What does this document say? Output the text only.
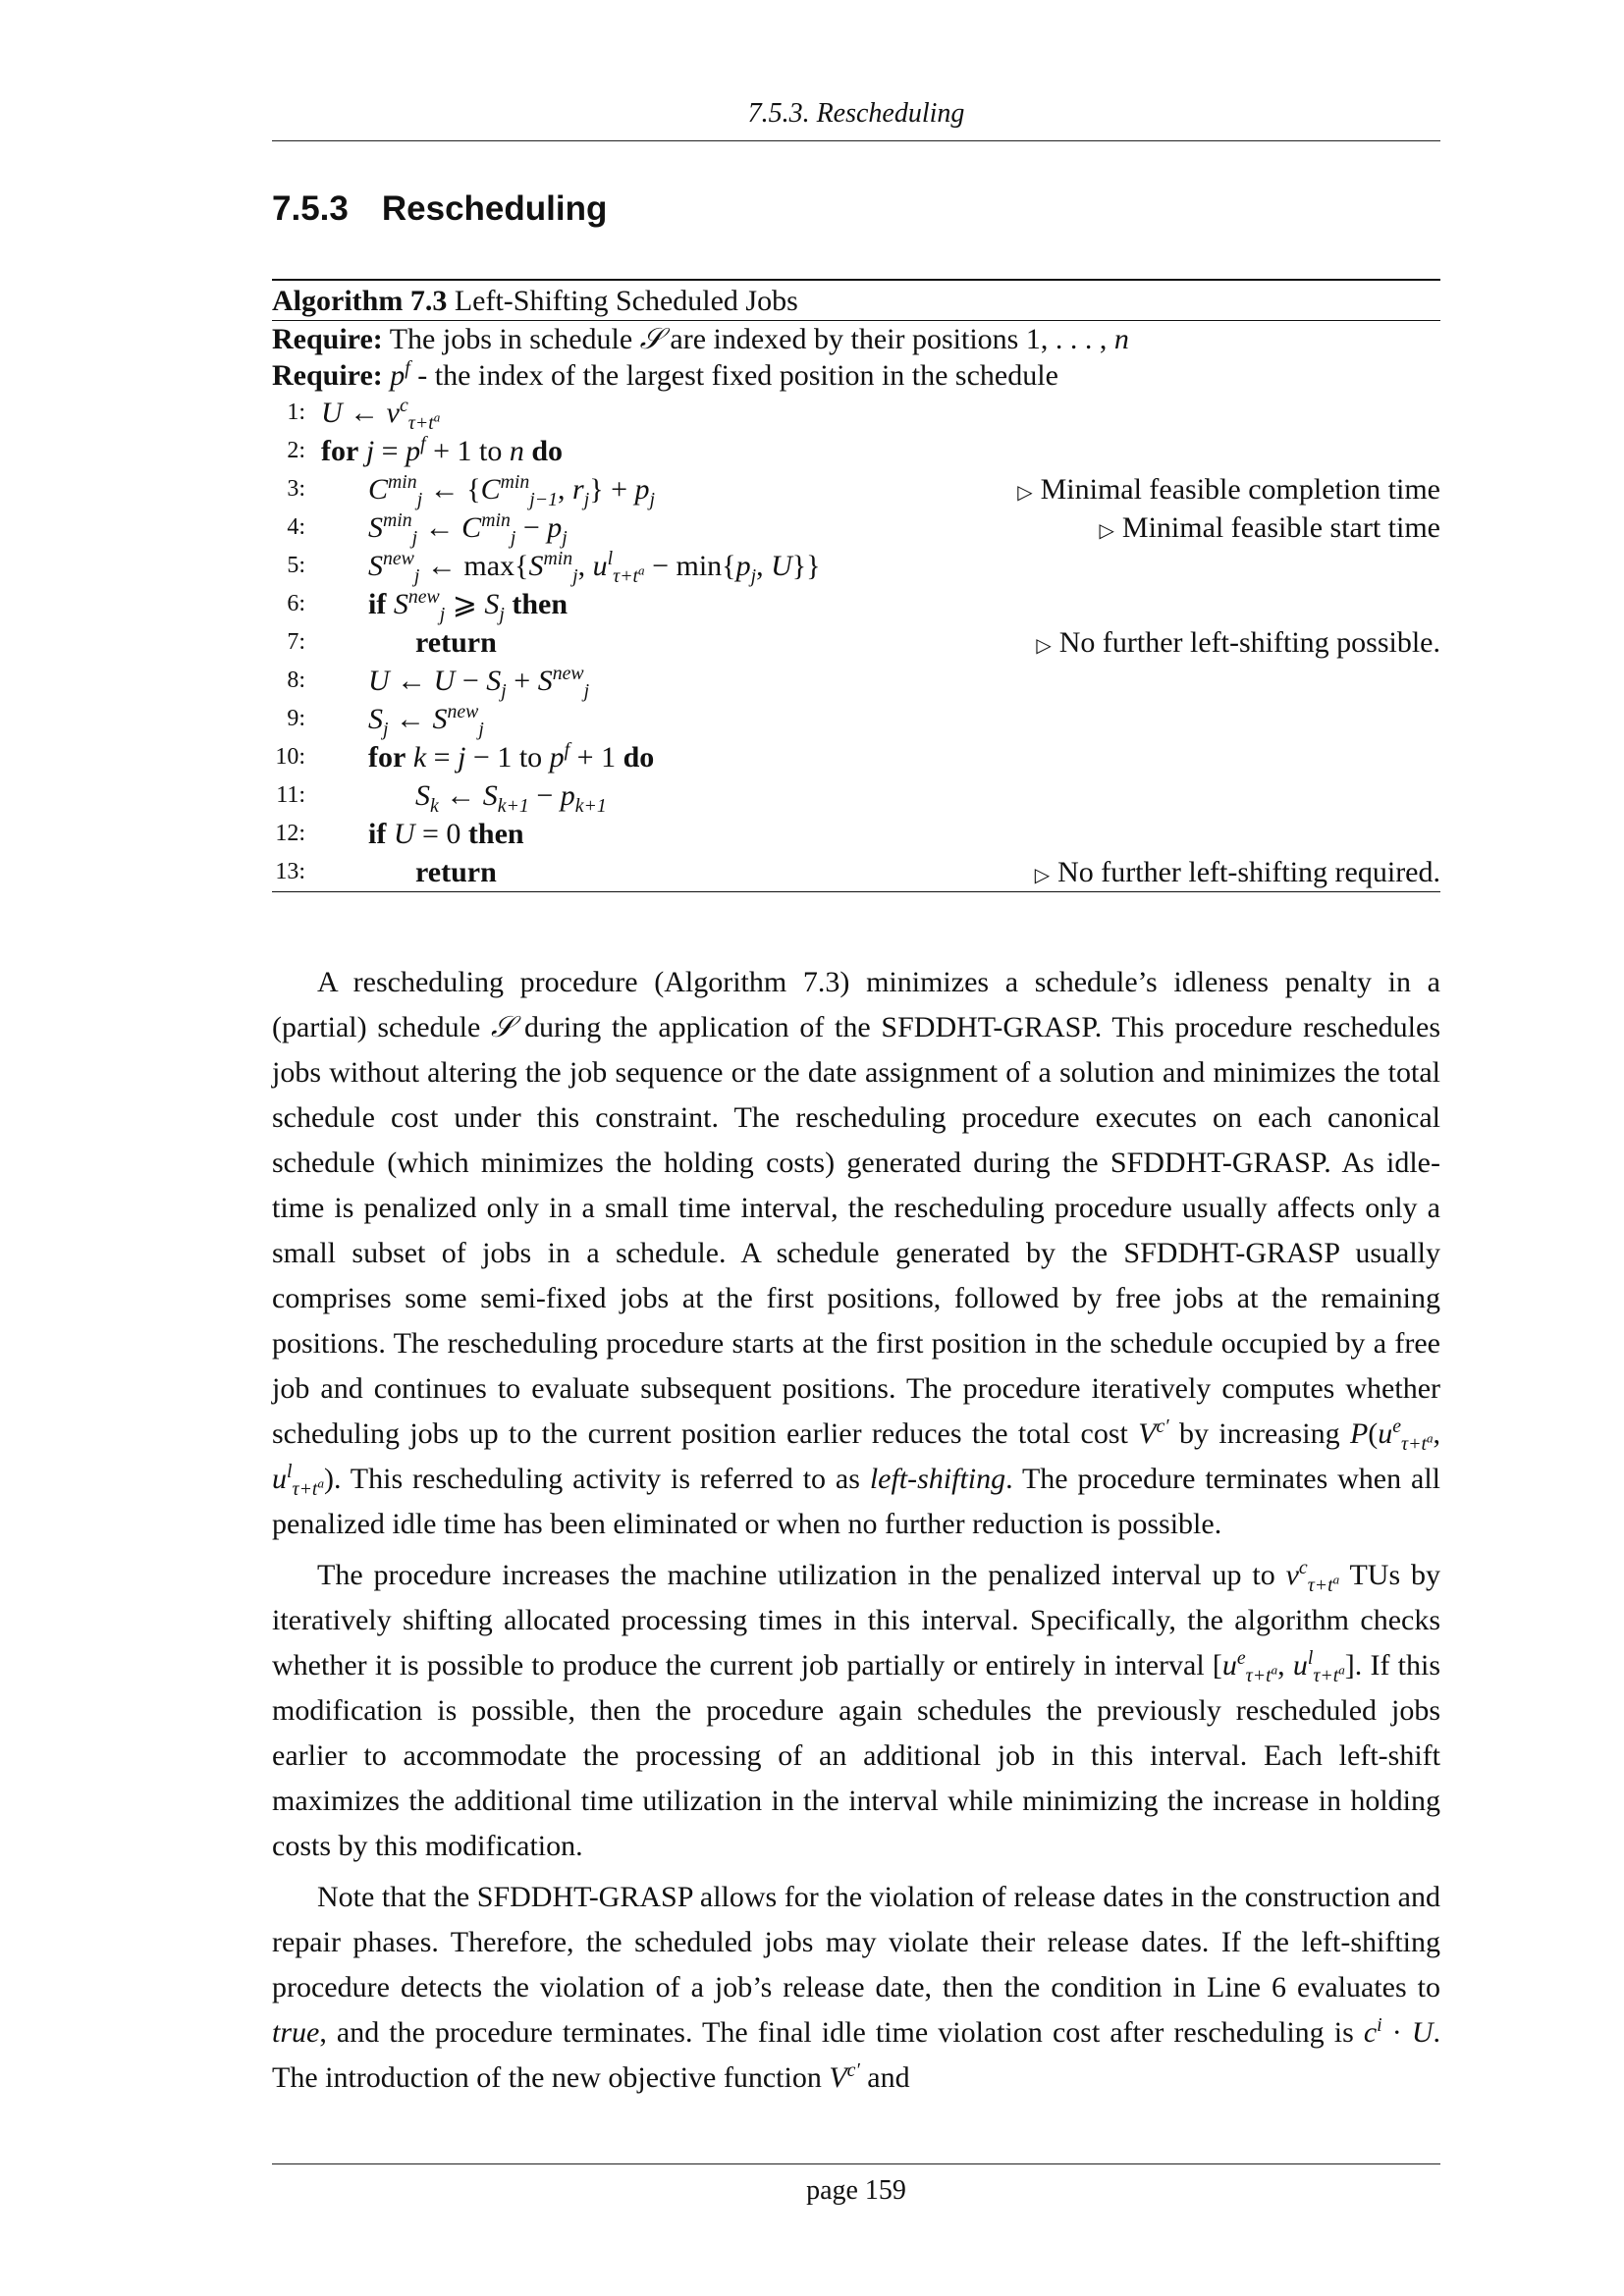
7.5.3. Rescheduling
7.5.3 Rescheduling
Algorithm 7.3 Left-Shifting Scheduled Jobs
Require: The jobs in schedule 𝒮 are indexed by their positions 1, . . . , n
Require: $p^f$ - the index of the largest fixed position in the schedule
1: U ← $v^c_{\tau+t^a}$
2: for $j = p^f + 1$ to n do
3: $C^{min}_j$ ← {$C^{min}_{j-1}$, $r_j\} + p_j$	▷ Minimal feasible completion time
4: $S^{min}_j$ ← $C^{min}_j - p_j$	▷ Minimal feasible start time
5: $S^{new}_j$ ← $\max\{S^{min}_j$, $u^l_{\tau+t^a} - \min\{p_j$, U}}
6: if $S^{new}_j$ ⩾ $S_j$ then
7:	return	▷ No further left-shifting possible.
8: U ← $U - S_j + S^{new}_j$
9: $S_j$ ← $S^{new}_j$
10: for k = j − 1 to $p^f + 1$ do
11:	$S_k$ ← $S_{k+1} - p_{k+1}$
12: if U = 0 then
13:	return	▷ No further left-shifting required.

A rescheduling procedure (Algorithm 7.3) minimizes a schedule’s idleness penalty in a (partial) schedule 𝒮 during the application of the SFDDHT-GRASP. This procedure reschedules jobs without altering the job sequence or the date assignment of a solution and minimizes the total schedule cost under this constraint. The rescheduling procedure executes on each canonical schedule (which minimizes the holding costs) generated during the SFDDHT-GRASP. As idle-time is penalized only in a small time interval, the rescheduling procedure usually affects only a small subset of jobs in a schedule. A schedule generated by the SFDDHT-GRASP usually comprises some semi-fixed jobs at the first positions, followed by free jobs at the remaining positions. The rescheduling procedure starts at the first position in the schedule occupied by a free job and continues to evaluate subsequent positions. The procedure iteratively computes whether scheduling jobs up to the current position earlier reduces the total cost $V^{c'}$ by increasing $P(u^e_{\tau+t^a}$, $u^l_{\tau+t^a}$). This rescheduling activity is referred to as left-shifting. The procedure terminates when all penalized idle time has been eliminated or when no further reduction is possible.

The procedure increases the machine utilization in the penalized interval up to $v^c_{\tau+t^a}$ TUs by iteratively shifting allocated processing times in this interval. Specifically, the algorithm checks whether it is possible to produce the current job partially or entirely in interval [$u^e_{\tau+t^a}$, $u^l_{\tau+t^a}$]. If this modification is possible, then the procedure again schedules the previously rescheduled jobs earlier to accommodate the processing of an additional job in this interval. Each left-shift maximizes the additional time utilization in the interval while minimizing the increase in holding costs by this modification.

Note that the SFDDHT-GRASP allows for the violation of release dates in the construction and repair phases. Therefore, the scheduled jobs may violate their release dates. If the left-shifting procedure detects the violation of a job’s release date, then the condition in Line 6 evaluates to true, and the procedure terminates. The final idle time violation cost after rescheduling is $c^i \cdot U$. The introduction of the new objective function $V^{c'}$ and

page 159
